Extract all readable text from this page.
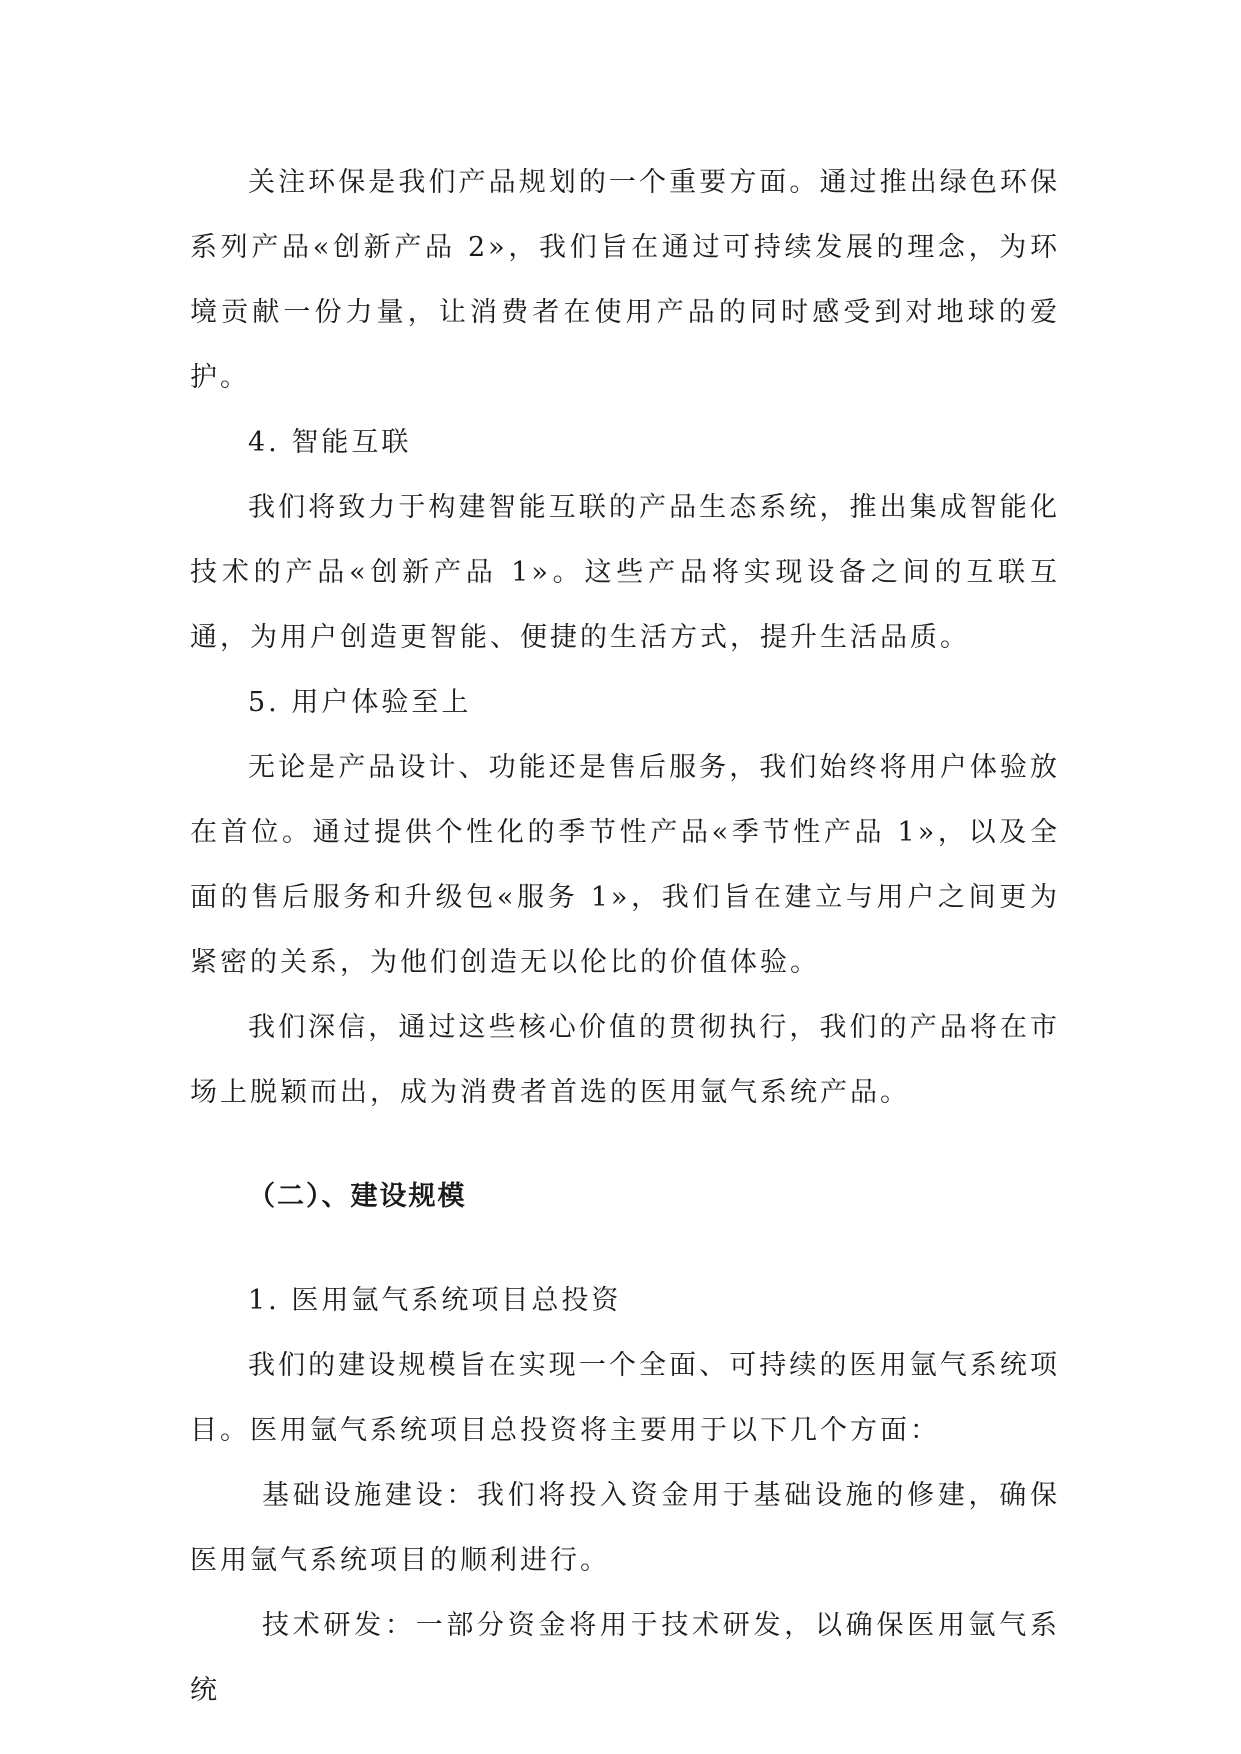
关注环保是我们产品规划的一个重要方面。通过推出绿色环保系列产品«创新产品 2»，我们旨在通过可持续发展的理念，为环境贡献一份力量，让消费者在使用产品的同时感受到对地球的爱护。

4. 智能互联

我们将致力于构建智能互联的产品生态系统，推出集成智能化技术的产品«创新产品 1»。这些产品将实现设备之间的互联互通，为用户创造更智能、便捷的生活方式，提升生活品质。

5. 用户体验至上

无论是产品设计、功能还是售后服务，我们始终将用户体验放在首位。通过提供个性化的季节性产品«季节性产品 1»，以及全面的售后服务和升级包«服务 1»，我们旨在建立与用户之间更为紧密的关系，为他们创造无以伦比的价值体验。

我们深信，通过这些核心价值的贯彻执行，我们的产品将在市场上脱颖而出，成为消费者首选的医用氩气系统产品。

（二）、建设规模

1. 医用氩气系统项目总投资

我们的建设规模旨在实现一个全面、可持续的医用氩气系统项目。医用氩气系统项目总投资将主要用于以下几个方面：

基础设施建设：我们将投入资金用于基础设施的修建，确保医用氩气系统项目的顺利进行。

技术研发：一部分资金将用于技术研发，以确保医用氩气系统
